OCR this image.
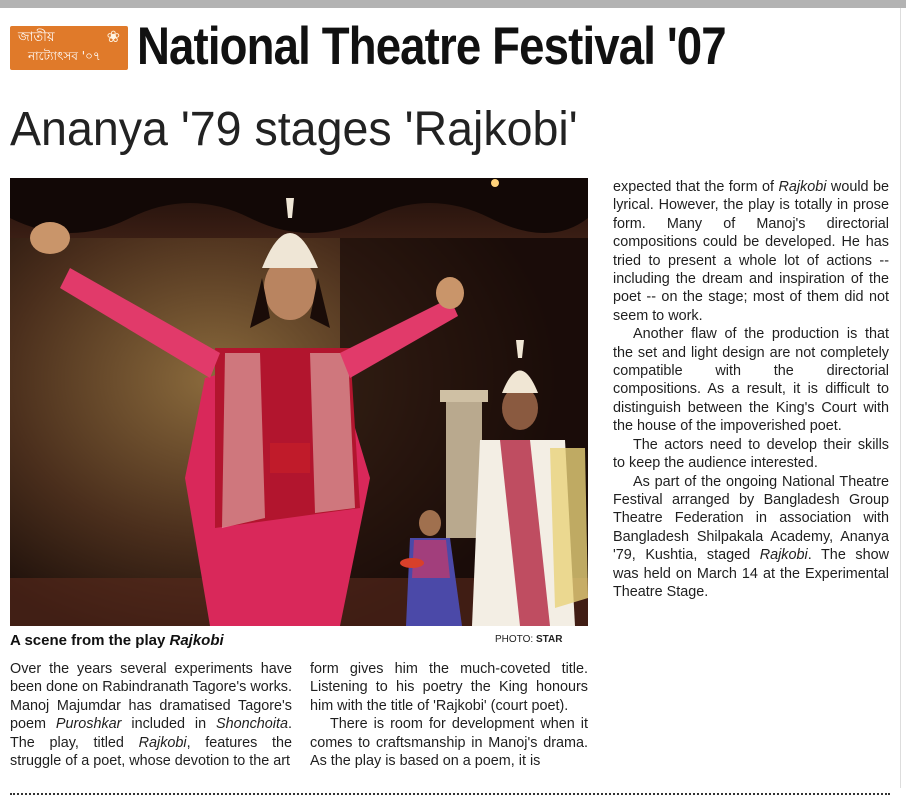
জাতীয়
নাট্যোৎসব '০৭
❀ National Theatre Festival '07
Ananya '79 stages 'Rajkobi'
A scene from the play Rajkobi	PHOTO: STAR

Over the years several experiments have been done on Rabindranath Tagore's works. Manoj Majumdar has dramatised Tagore's poem Puroshkar included in Shonchoita. The play, titled Rajkobi, features the struggle of a poet, whose devotion to the art

form gives him the much-coveted title. Listening to his poetry the King honours him with the title of 'Rajkobi' (court poet).

There is room for development when it comes to craftsmanship in Manoj's drama. As the play is based on a poem, it is

expected that the form of Rajkobi would be lyrical. However, the play is totally in prose form. Many of Manoj's directorial compositions could be developed. He has tried to present a whole lot of actions -- including the dream and inspiration of the poet -- on the stage; most of them did not seem to work.

Another flaw of the production is that the set and light design are not completely compatible with the directorial compositions. As a result, it is difficult to distinguish between the King's Court with the house of the impoverished poet.

The actors need to develop their skills to keep the audience interested.

As part of the ongoing National Theatre Festival arranged by Bangladesh Group Theatre Federation in association with Bangladesh Shilpakala Academy, Ananya '79, Kushtia, staged Rajkobi. The show was held on March 14 at the Experimental Theatre Stage.
